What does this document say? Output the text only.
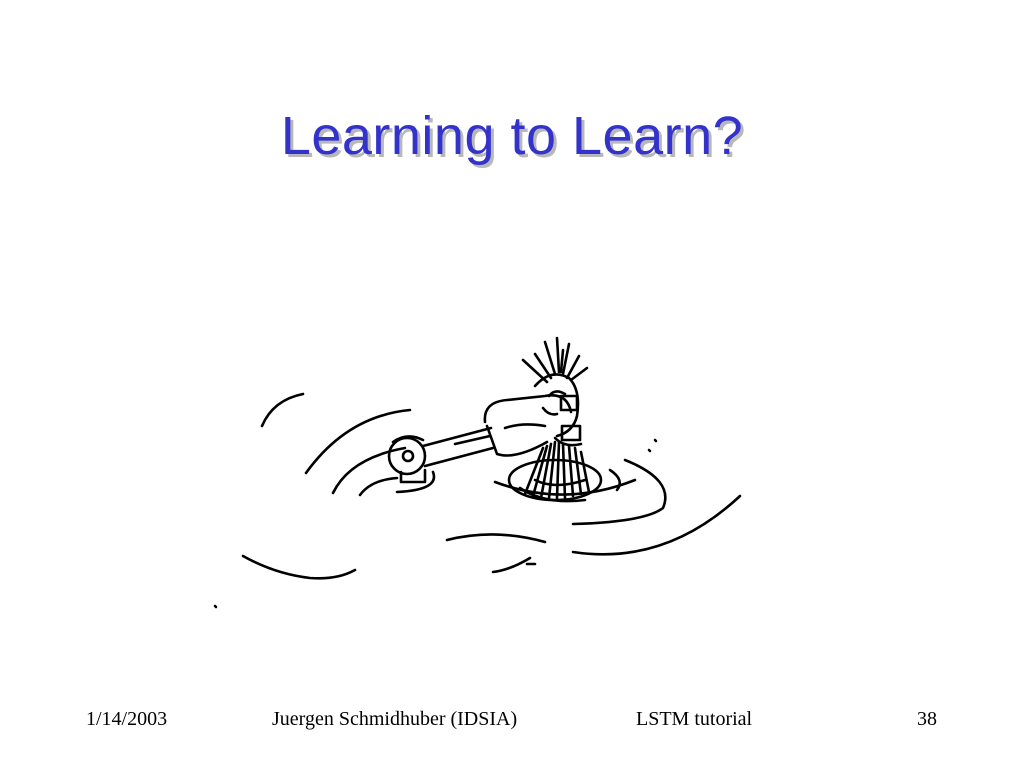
Learning to Learn?
1/14/2003	Juergen Schmidhuber (IDSIA)	LSTM tutorial	38
